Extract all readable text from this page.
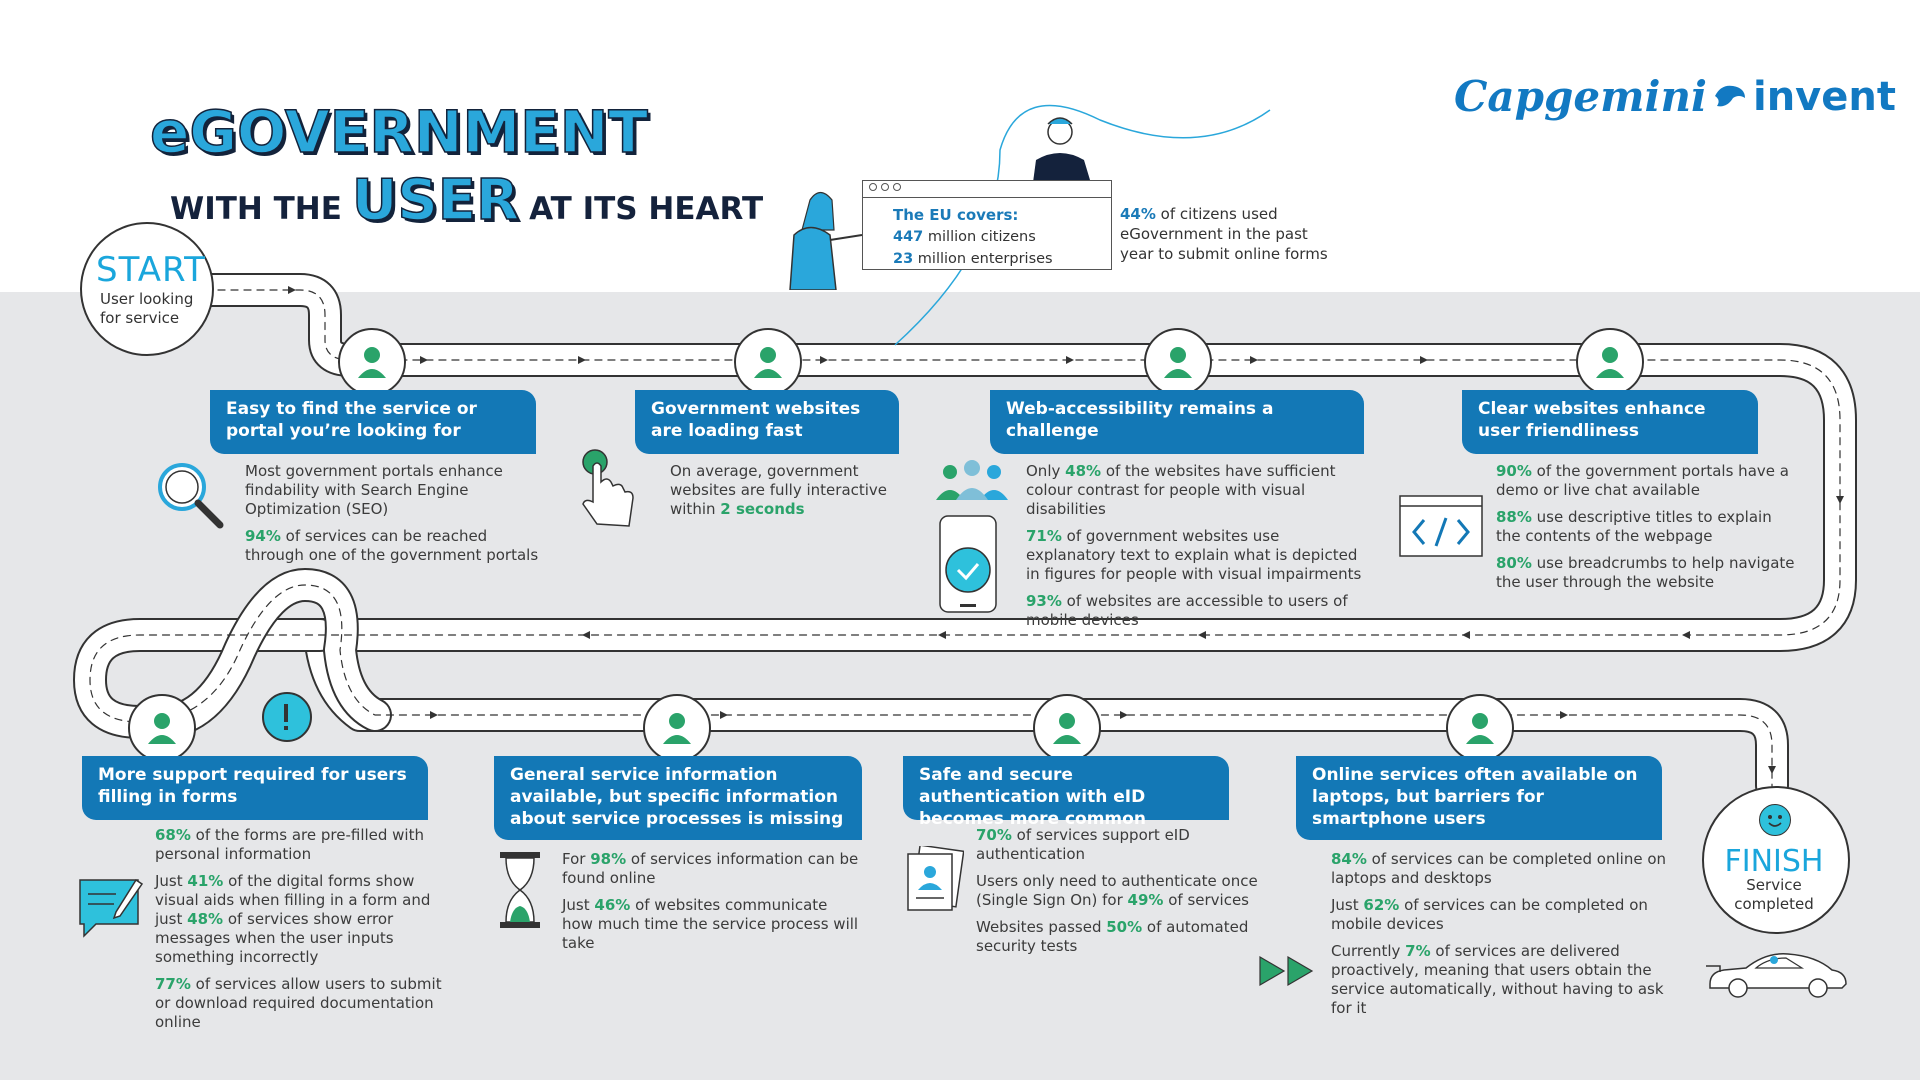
eGOVERNMENT
WITH THE USER AT ITS HEART
Capgemini invent
The EU covers:
447 million citizens
23 million enterprises
44% of citizens used eGovernment in the past year to submit online forms
START
User looking
for service
FINISH
Service
completed
Easy to find the service or portal you’re looking for

Most government portals enhance findability with Search Engine Optimization (SEO)

94% of services can be reached through one of the government portals

Government websites are loading fast

On average, government websites are fully interactive within 2 seconds

Web-accessibility remains a challenge

Only 48% of the websites have sufficient colour contrast for people with visual disabilities

71% of government websites use explanatory text to explain what is depicted in figures for people with visual impairments

93% of websites are accessible to users of mobile devices

Clear websites enhance user friendliness

90% of the government portals have a demo or live chat available

88% use descriptive titles to explain the contents of the webpage

80% use breadcrumbs to help navigate the user through the website

More support required for users filling in forms

68% of the forms are pre-filled with personal information

Just 41% of the digital forms show visual aids when filling in a form and just 48% of services show error messages when the user inputs something incorrectly

77% of services allow users to submit or download required documentation online

General service information available, but specific information about service processes is missing

For 98% of services information can be found online

Just 46% of websites communicate how much time the service process will take

Safe and secure authentication with eID becomes more common

70% of services support eID authentication

Users only need to authenticate once (Single Sign On) for 49% of services

Websites passed 50% of automated security tests

Online services often available on laptops, but barriers for smartphone users

84% of services can be completed online on laptops and desktops

Just 62% of services can be completed on mobile devices

Currently 7% of services are delivered proactively, meaning that users obtain the service automatically, without having to ask for it
